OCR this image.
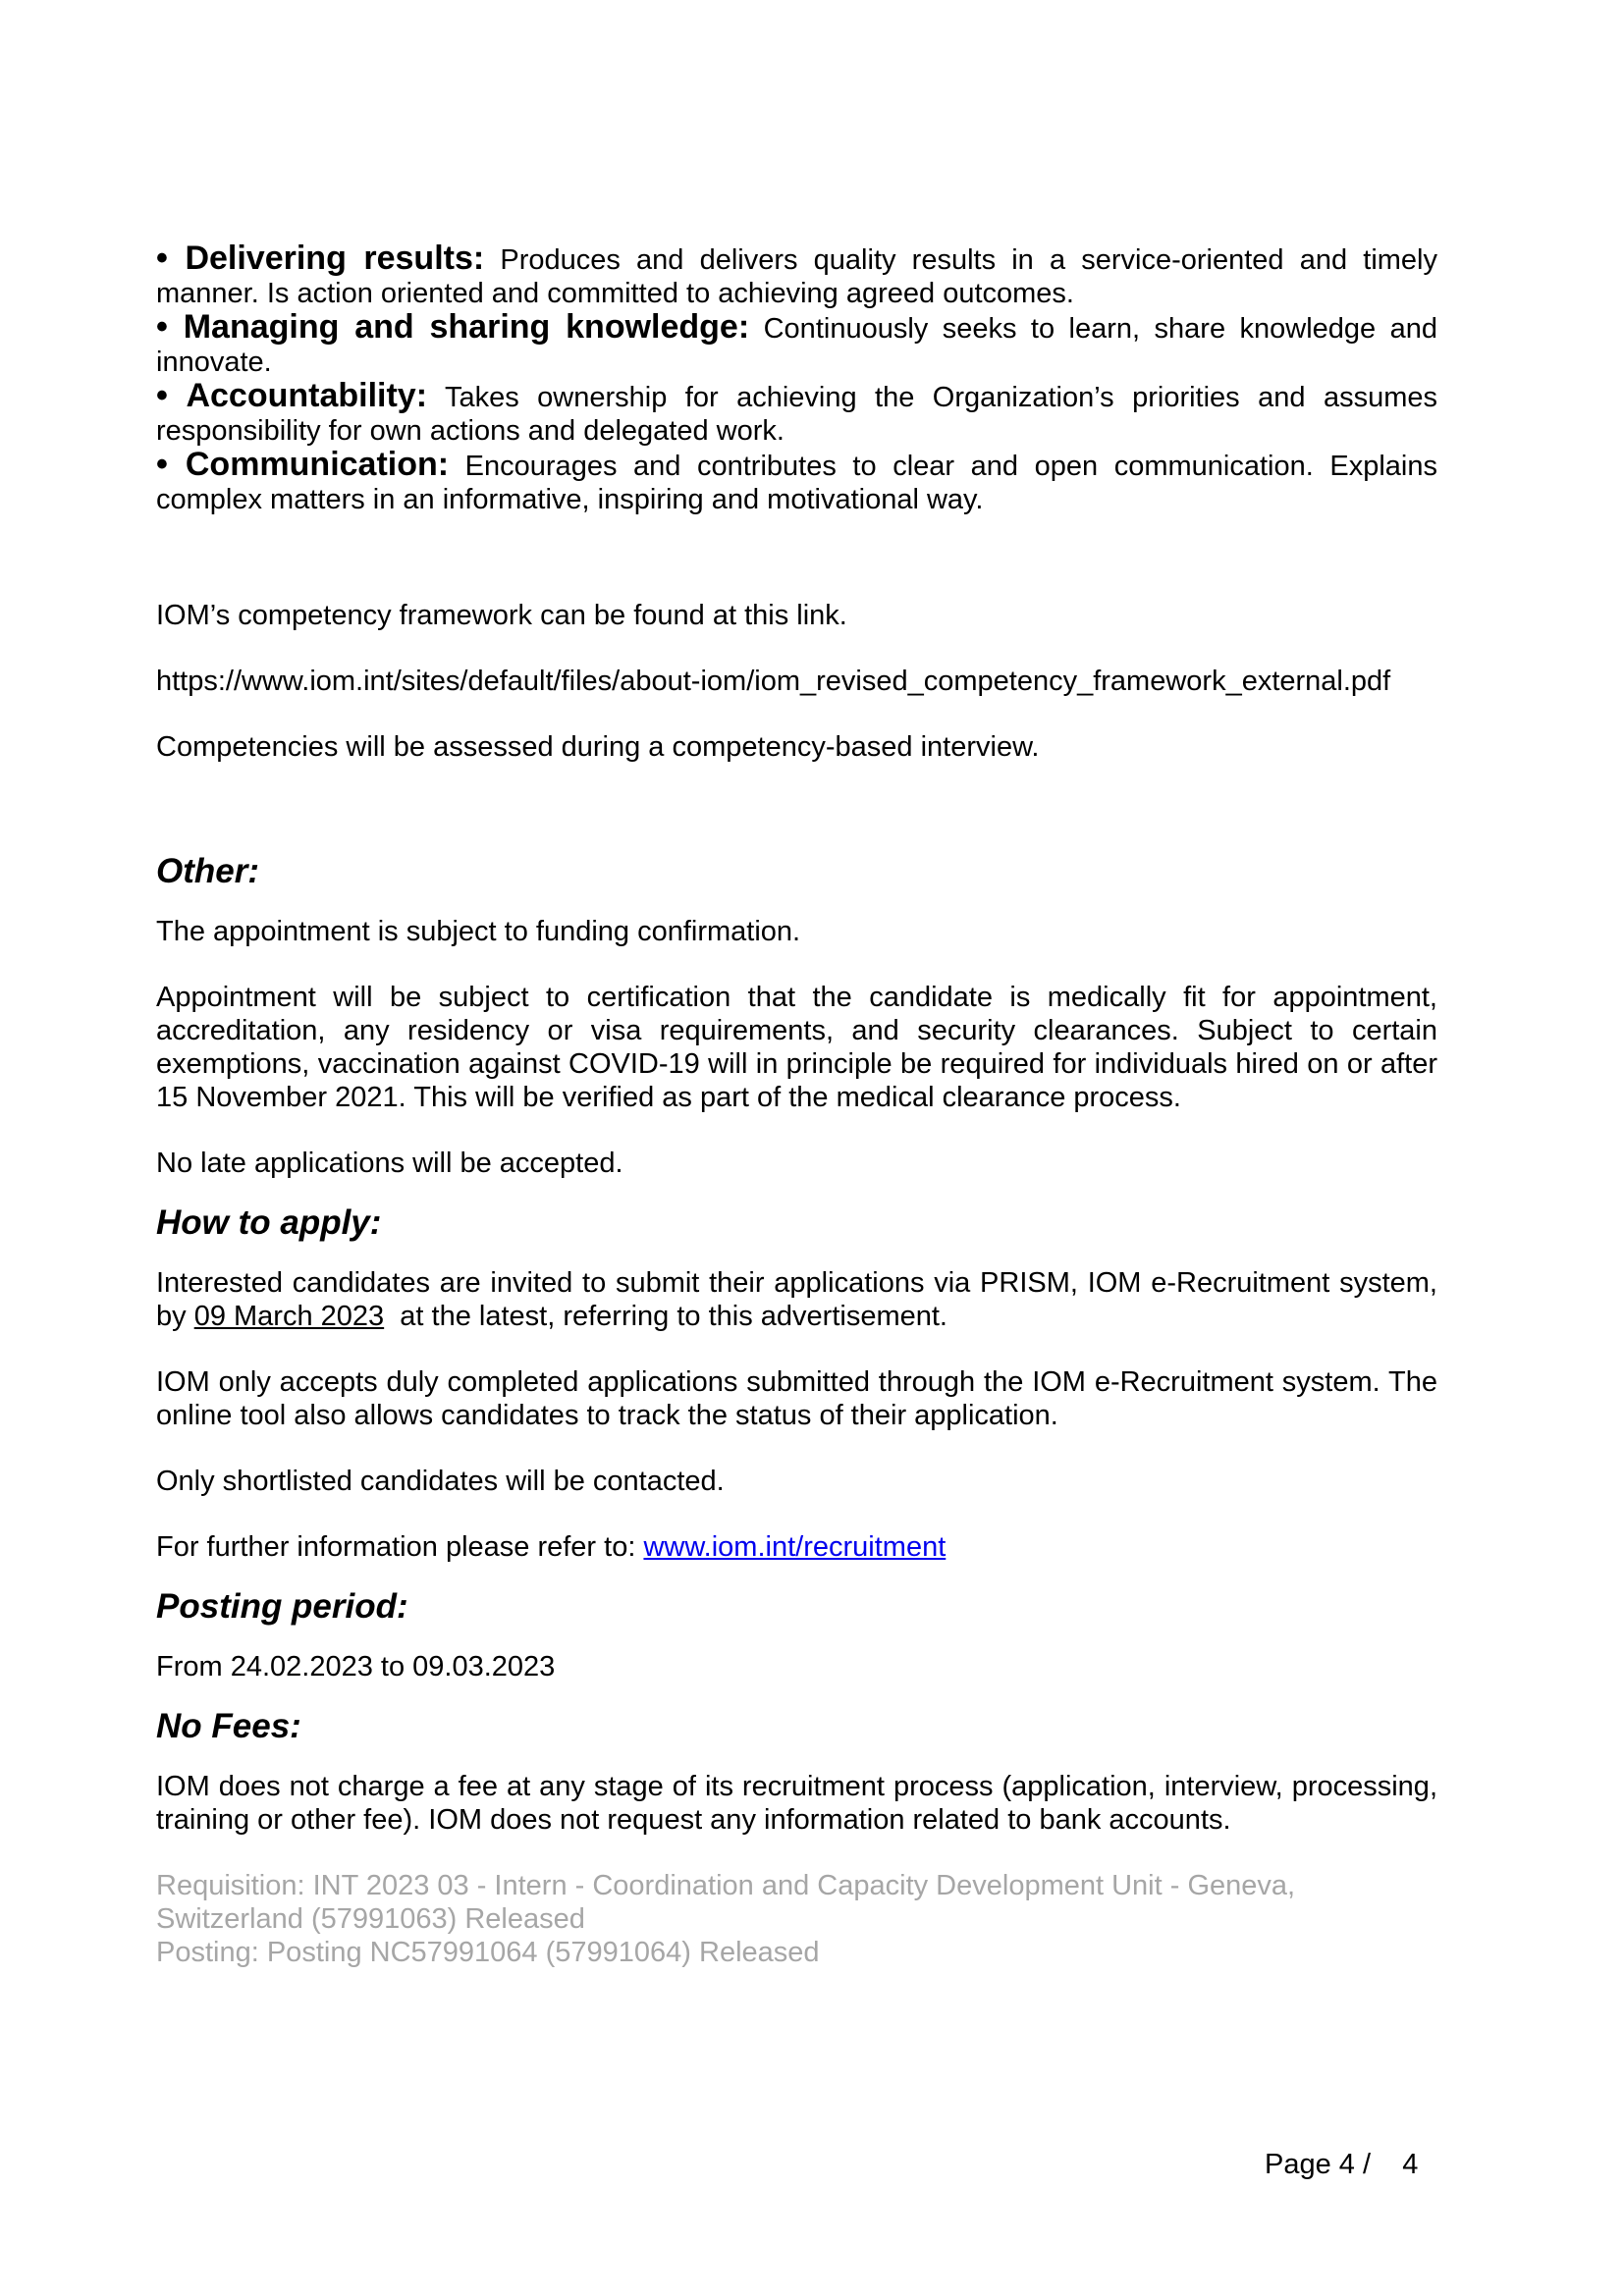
• Delivering results: Produces and delivers quality results in a service-oriented and timely manner. Is action oriented and committed to achieving agreed outcomes.

• Managing and sharing knowledge: Continuously seeks to learn, share knowledge and innovate.

• Accountability: Takes ownership for achieving the Organization’s priorities and assumes responsibility for own actions and delegated work.

• Communication: Encourages and contributes to clear and open communication. Explains complex matters in an informative, inspiring and motivational way.

IOM’s competency framework can be found at this link.

https://www.iom.int/sites/default/files/about-iom/iom_revised_competency_framework_external.pdf

Competencies will be assessed during a competency-based interview.

Other:

The appointment is subject to funding confirmation.

Appointment will be subject to certification that the candidate is medically fit for appointment, accreditation, any residency or visa requirements, and security clearances. Subject to certain exemptions, vaccination against COVID-19 will in principle be required for individuals hired on or after 15 November 2021. This will be verified as part of the medical clearance process.

No late applications will be accepted.

How to apply:

Interested candidates are invited to submit their applications via PRISM, IOM e-Recruitment system, by 09 March 2023  at the latest, referring to this advertisement.

IOM only accepts duly completed applications submitted through the IOM e-Recruitment system. The online tool also allows candidates to track the status of their application.

Only shortlisted candidates will be contacted.

For further information please refer to: www.iom.int/recruitment

Posting period:

From 24.02.2023 to 09.03.2023

No Fees:

IOM does not charge a fee at any stage of its recruitment process (application, interview, processing, training or other fee). IOM does not request any information related to bank accounts.

Requisition: INT 2023 03 - Intern - Coordination and Capacity Development Unit - Geneva, Switzerland (57991063) Released

Posting: Posting NC57991064 (57991064) Released

Page 4 /    4
